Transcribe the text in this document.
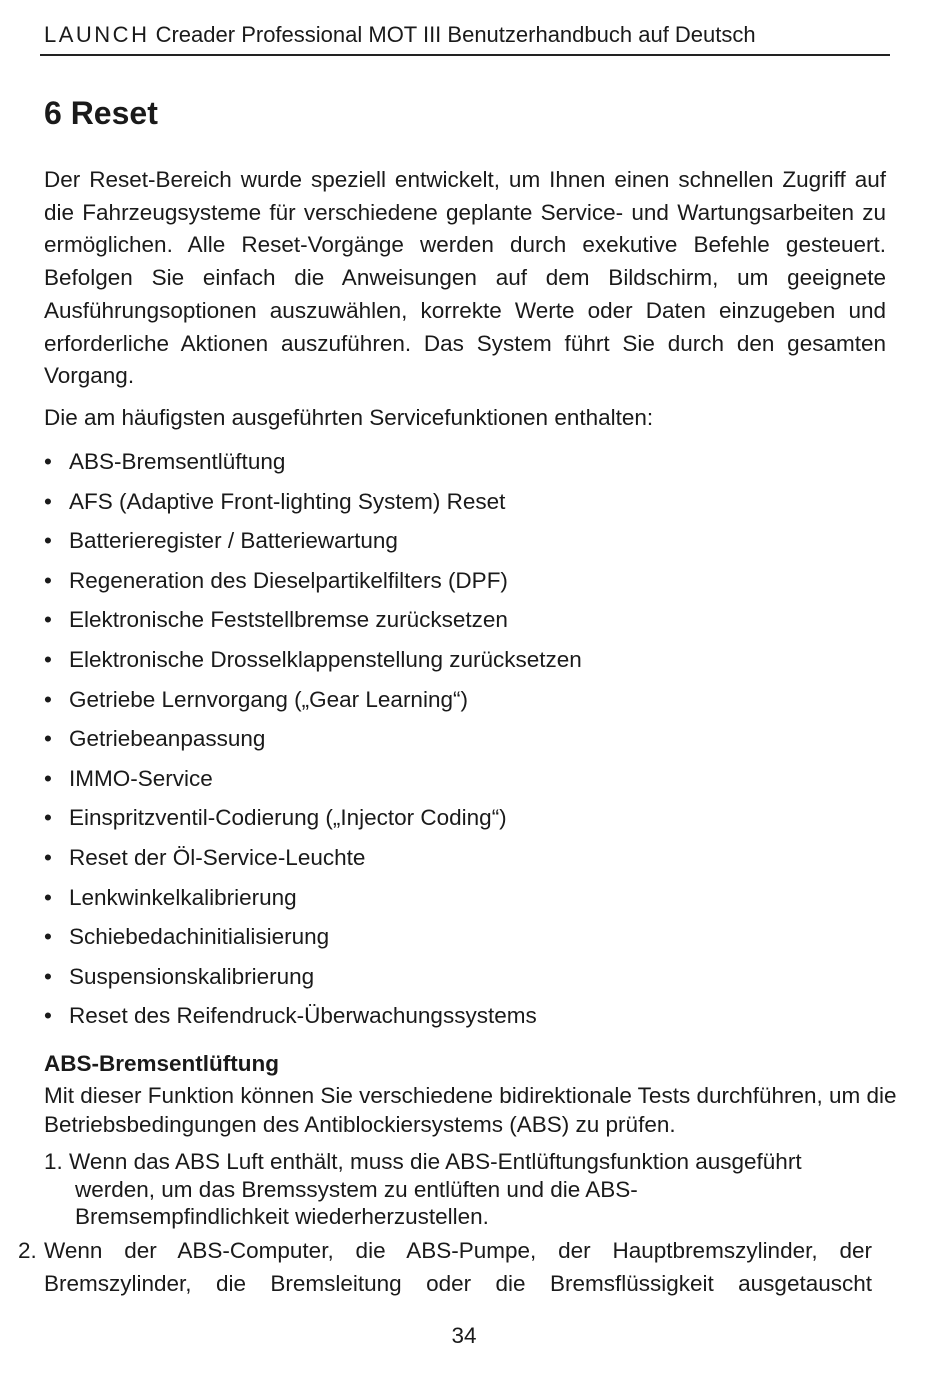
LAUNCH Creader Professional MOT III Benutzerhandbuch auf Deutsch
6 Reset

Der Reset-Bereich wurde speziell entwickelt, um Ihnen einen schnellen Zugriff auf die Fahrzeugsysteme für verschiedene geplante Service- und Wartungsarbeiten zu ermöglichen. Alle Reset-Vorgänge werden durch exekutive Befehle gesteuert. Befolgen Sie einfach die Anweisungen auf dem Bildschirm, um geeignete Ausführungsoptionen auszuwählen, korrekte Werte oder Daten einzugeben und erforderliche Aktionen auszuführen. Das System führt Sie durch den gesamten Vorgang.

Die am häufigsten ausgeführten Servicefunktionen enthalten:

• ABS-Bremsentlüftung
• AFS (Adaptive Front-lighting System) Reset
• Batterieregister / Batteriewartung
• Regeneration des Dieselpartikelfilters (DPF)
• Elektronische Feststellbremse zurücksetzen
• Elektronische Drosselklappenstellung zurücksetzen
• Getriebe Lernvorgang („Gear Learning“)
• Getriebeanpassung
• IMMO-Service
• Einspritzventil-Codierung („Injector Coding“)
• Reset der Öl-Service-Leuchte
• Lenkwinkelkalibrierung
• Schiebedachinitialisierung
• Suspensionskalibrierung
• Reset des Reifendruck-Überwachungssystems

ABS-Bremsentlüftung

Mit dieser Funktion können Sie verschiedene bidirektionale Tests durchführen, um die Betriebsbedingungen des Antiblockiersystems (ABS) zu prüfen.

1. Wenn das ABS Luft enthält, muss die ABS-Entlüftungsfunktion ausgeführt
werden, um das Bremssystem zu entlüften und die ABS-
Bremsempfindlichkeit wiederherzustellen.

2. Wenn der ABS-Computer, die ABS-Pumpe, der Hauptbremszylinder, der Bremszylinder, die Bremsleitung oder die Bremsflüssigkeit ausgetauscht

34
